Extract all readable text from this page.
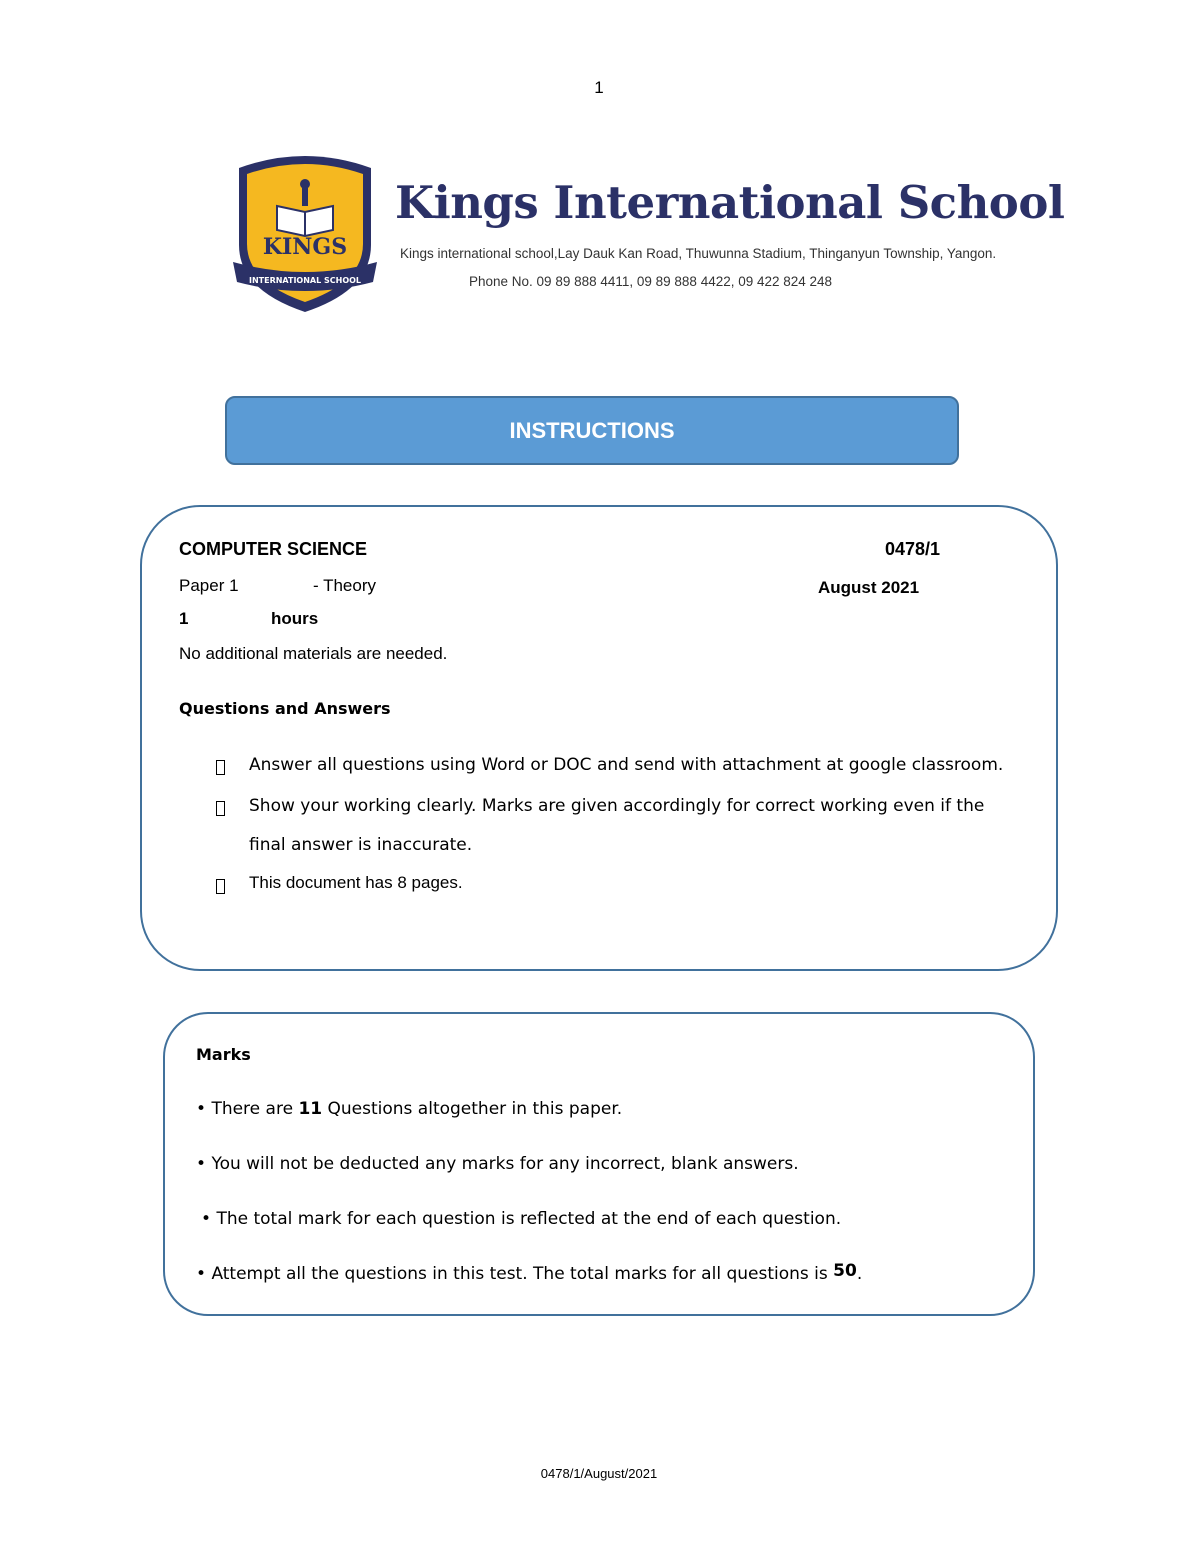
1
KINGS
INTERNATIONAL SCHOOL
Kings International School
Kings international school,Lay Dauk Kan Road, Thuwunna Stadium, Thinganyun Township, Yangon.
Phone No. 09 89 888 4411, 09 89 888 4422, 09 422 824 248
INSTRUCTIONS
COMPUTER SCIENCE	0478/1
Paper 1	- Theory	August 2021
1	hours
No additional materials are needed.
Questions and Answers
Answer all questions using Word or DOC and send with attachment at google classroom.
Show your working clearly. Marks are given accordingly for correct working even if the
final answer is inaccurate.
This document has 8 pages.
Marks
• There are 11 Questions altogether in this paper.
• You will not be deducted any marks for any incorrect, blank answers.
• The total mark for each question is reflected at the end of each question.
• Attempt all the questions in this test. The total marks for all questions is 50.
0478/1/August/2021
